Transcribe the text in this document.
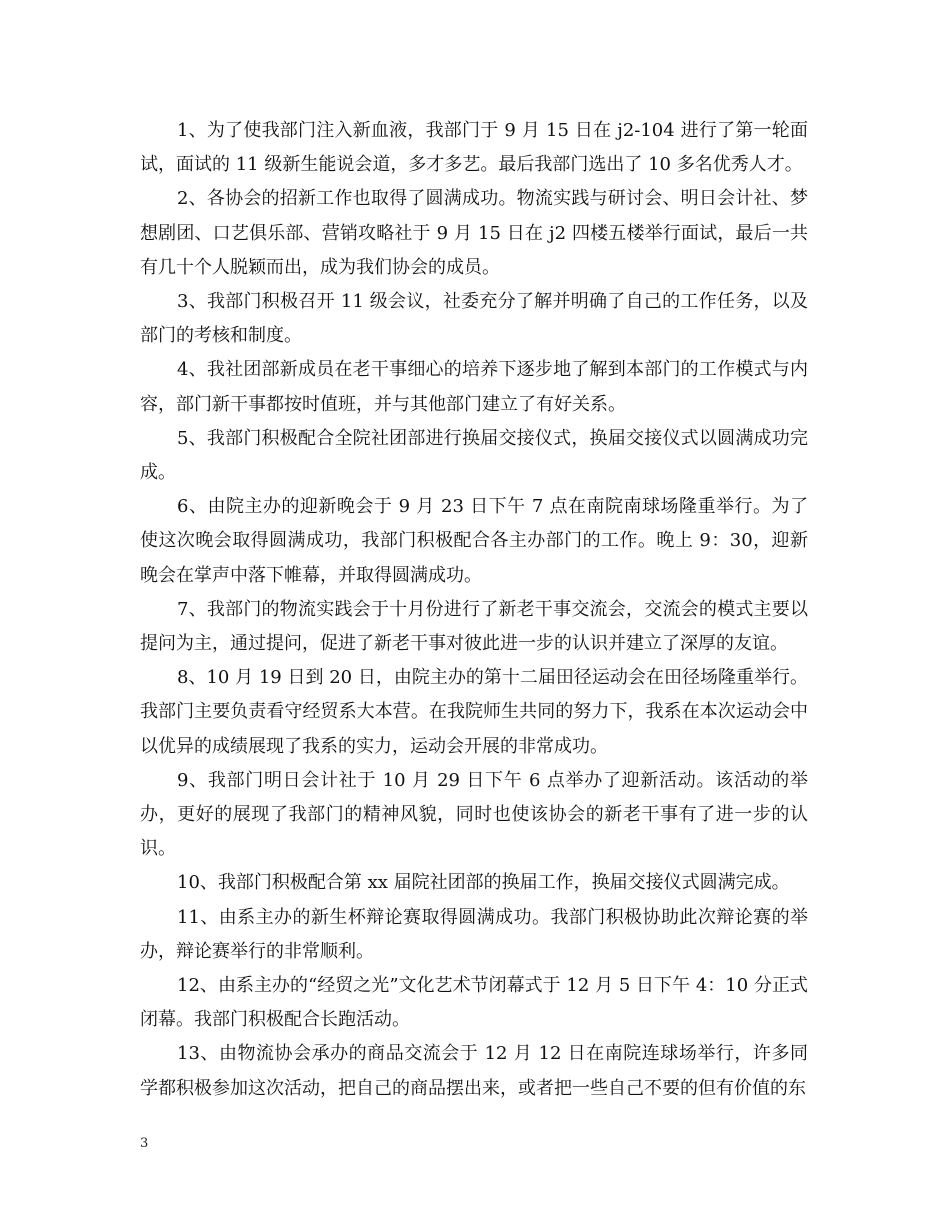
1、为了使我部门注入新血液，我部门于 9 月 15 日在 j2-104 进行了第一轮面试，面试的 11 级新生能说会道，多才多艺。最后我部门选出了 10 多名优秀人才。

2、各协会的招新工作也取得了圆满成功。物流实践与研讨会、明日会计社、梦想剧团、口艺俱乐部、营销攻略社于 9 月 15 日在 j2 四楼五楼举行面试，最后一共有几十个人脱颖而出，成为我们协会的成员。

3、我部门积极召开 11 级会议，社委充分了解并明确了自己的工作任务，以及部门的考核和制度。

4、我社团部新成员在老干事细心的培养下逐步地了解到本部门的工作模式与内容，部门新干事都按时值班，并与其他部门建立了有好关系。

5、我部门积极配合全院社团部进行换届交接仪式，换届交接仪式以圆满成功完成。

6、由院主办的迎新晚会于 9 月 23 日下午 7 点在南院南球场隆重举行。为了使这次晚会取得圆满成功，我部门积极配合各主办部门的工作。晚上 9：30，迎新晚会在掌声中落下帷幕，并取得圆满成功。

7、我部门的物流实践会于十月份进行了新老干事交流会，交流会的模式主要以提问为主，通过提问，促进了新老干事对彼此进一步的认识并建立了深厚的友谊。

8、10 月 19 日到 20 日，由院主办的第十二届田径运动会在田径场隆重举行。我部门主要负责看守经贸系大本营。在我院师生共同的努力下，我系在本次运动会中以优异的成绩展现了我系的实力，运动会开展的非常成功。

9、我部门明日会计社于 10 月 29 日下午 6 点举办了迎新活动。该活动的举办，更好的展现了我部门的精神风貌，同时也使该协会的新老干事有了进一步的认识。

10、我部门积极配合第 xx 届院社团部的换届工作，换届交接仪式圆满完成。

11、由系主办的新生杯辩论赛取得圆满成功。我部门积极协助此次辩论赛的举办，辩论赛举行的非常顺利。

12、由系主办的“经贸之光”文化艺术节闭幕式于 12 月 5 日下午 4：10 分正式闭幕。我部门积极配合长跑活动。

13、由物流协会承办的商品交流会于 12 月 12 日在南院连球场举行，许多同学都积极参加这次活动，把自己的商品摆出来，或者把一些自己不要的但有价值的东

3
